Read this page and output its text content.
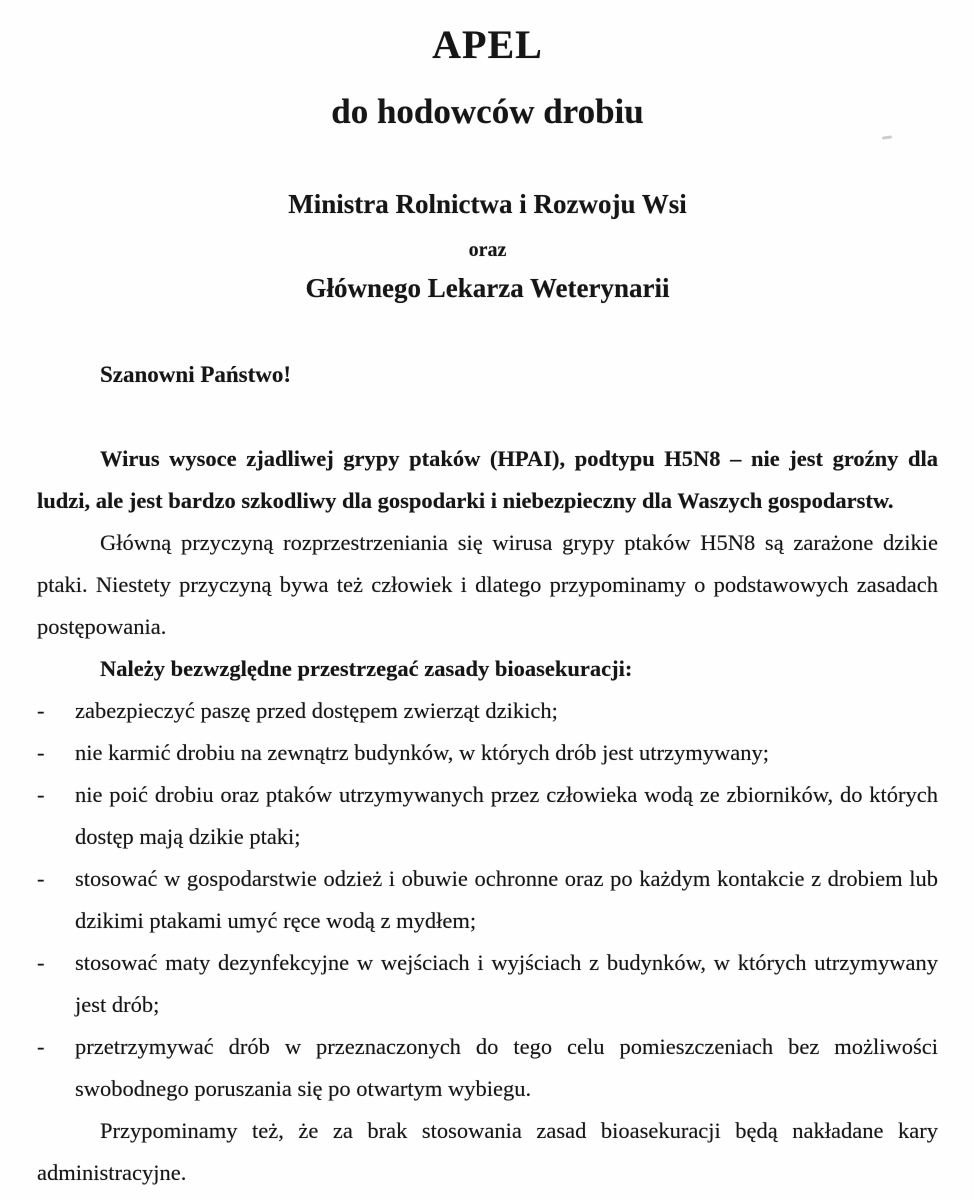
APEL
do hodowców drobiu
Ministra Rolnictwa i Rozwoju Wsi
oraz
Głównego Lekarza Weterynarii
Szanowni Państwo!

Wirus wysoce zjadliwej grypy ptaków (HPAI), podtypu H5N8 – nie jest groźny dla ludzi, ale jest bardzo szkodliwy dla gospodarki i niebezpieczny dla Waszych gospodarstw.

Główną przyczyną rozprzestrzeniania się wirusa grypy ptaków H5N8 są zarażone dzikie ptaki. Niestety przyczyną bywa też człowiek i dlatego przypominamy o podstawowych zasadach postępowania.

Należy bezwzględne przestrzegać zasady bioasekuracji:

-	zabezpieczyć paszę przed dostępem zwierząt dzikich;
-	nie karmić drobiu na zewnątrz budynków, w których drób jest utrzymywany;
-	nie poić drobiu oraz ptaków utrzymywanych przez człowieka wodą ze zbiorników, do których dostęp mają dzikie ptaki;
-	stosować w gospodarstwie odzież i obuwie ochronne oraz po każdym kontakcie z drobiem lub dzikimi ptakami umyć ręce wodą z mydłem;
-	stosować maty dezynfekcyjne w wejściach i wyjściach z budynków, w których utrzymywany jest drób;
-	przetrzymywać drób w przeznaczonych do tego celu pomieszczeniach bez możliwości swobodnego poruszania się po otwartym wybiegu.

Przypominamy też, że za brak stosowania zasad bioasekuracji będą nakładane kary administracyjne.
